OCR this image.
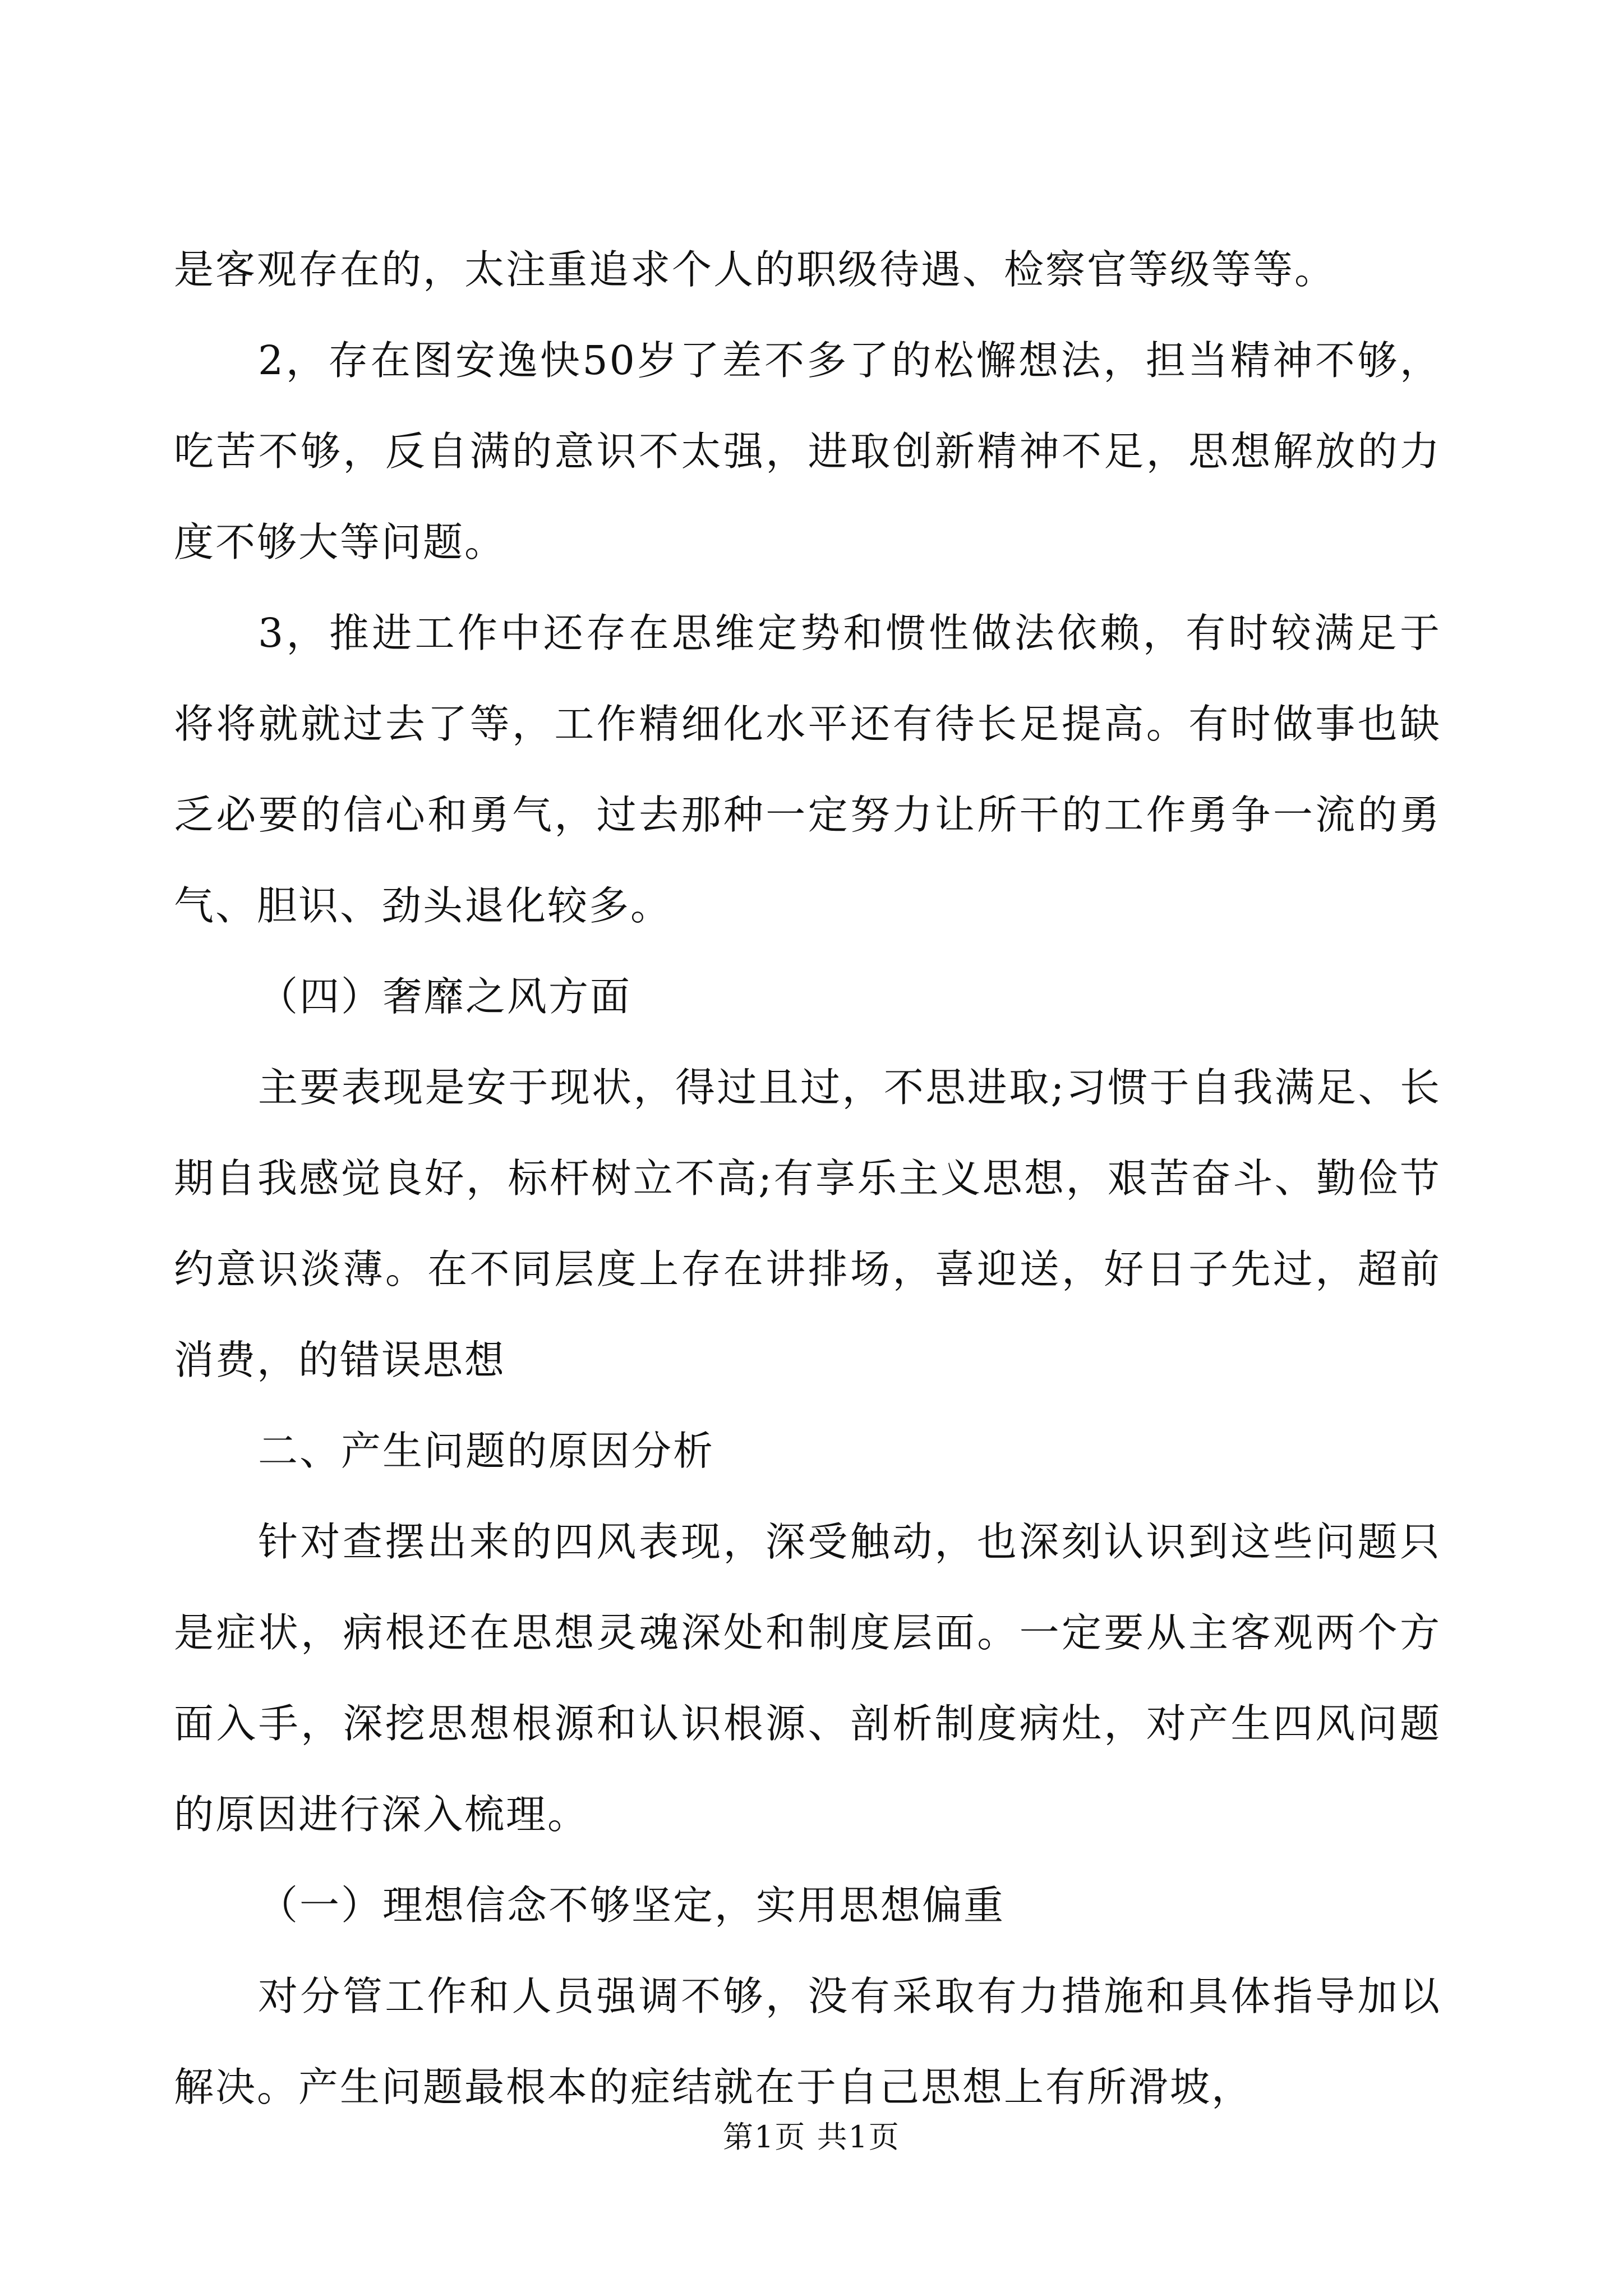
是客观存在的，太注重追求个人的职级待遇、检察官等级等等。

2，存在图安逸快50岁了差不多了的松懈想法，担当精神不够，吃苦不够，反自满的意识不太强，进取创新精神不足，思想解放的力度不够大等问题。

3，推进工作中还存在思维定势和惯性做法依赖，有时较满足于将将就就过去了等，工作精细化水平还有待长足提高。有时做事也缺乏必要的信心和勇气，过去那种一定努力让所干的工作勇争一流的勇气、胆识、劲头退化较多。

（四）奢靡之风方面

主要表现是安于现状，得过且过，不思进取;习惯于自我满足、长期自我感觉良好，标杆树立不高;有享乐主义思想，艰苦奋斗、勤俭节约意识淡薄。在不同层度上存在讲排场，喜迎送，好日子先过，超前消费，的错误思想

二、产生问题的原因分析

针对查摆出来的四风表现，深受触动，也深刻认识到这些问题只是症状，病根还在思想灵魂深处和制度层面。一定要从主客观两个方面入手，深挖思想根源和认识根源、剖析制度病灶，对产生四风问题的原因进行深入梳理。

（一）理想信念不够坚定，实用思想偏重

对分管工作和人员强调不够，没有采取有力措施和具体指导加以解决。产生问题最根本的症结就在于自己思想上有所滑坡，

第1页 共1页
